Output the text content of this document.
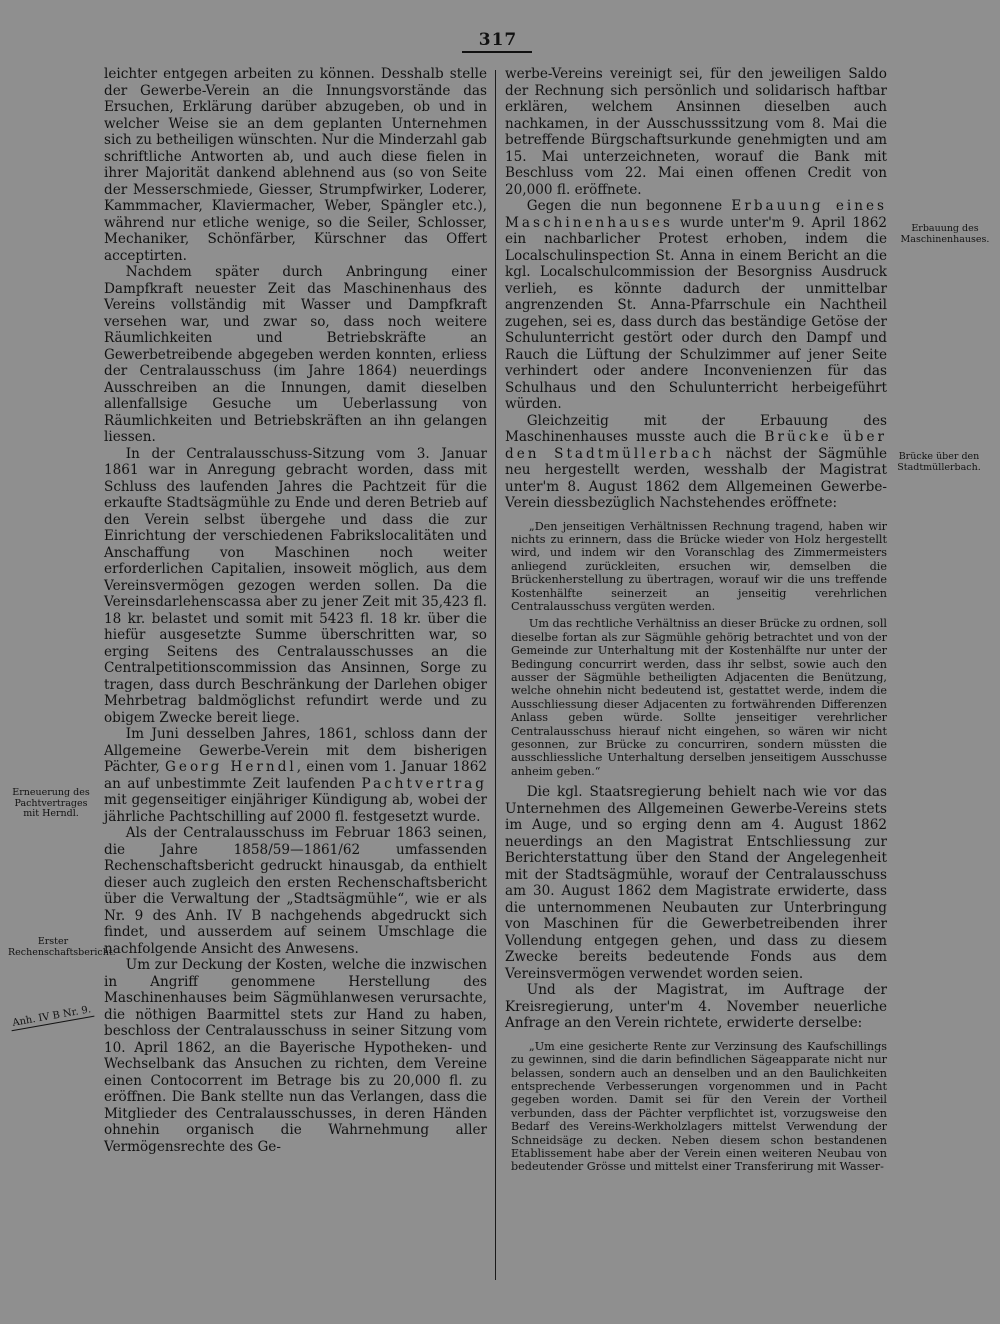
317

leichter entgegen arbeiten zu können. Desshalb stelle der Gewerbe-Verein an die Innungsvorstände das Ersuchen, Erklärung darüber abzugeben, ob und in welcher Weise sie an dem geplanten Unternehmen sich zu betheiligen wünschten. Nur die Minderzahl gab schriftliche Antworten ab, und auch diese fielen in ihrer Majorität dankend ablehnend aus (so von Seite der Messerschmiede, Giesser, Strumpfwirker, Loderer, Kammmacher, Klaviermacher, Weber, Spängler etc.), während nur etliche wenige, so die Seiler, Schlosser, Mechaniker, Schönfärber, Kürschner das Offert acceptirten.

Nachdem später durch Anbringung einer Dampfkraft neuester Zeit das Maschinenhaus des Vereins vollständig mit Wasser und Dampfkraft versehen war, und zwar so, dass noch weitere Räumlichkeiten und Betriebskräfte an Gewerbetreibende abgegeben werden konnten, erliess der Centralausschuss (im Jahre 1864) neuerdings Ausschreiben an die Innungen, damit dieselben allenfallsige Gesuche um Ueberlassung von Räumlichkeiten und Betriebskräften an ihn gelangen liessen.

In der Centralausschuss-Sitzung vom 3. Januar 1861 war in Anregung gebracht worden, dass mit Schluss des laufenden Jahres die Pachtzeit für die erkaufte Stadtsägmühle zu Ende und deren Betrieb auf den Verein selbst übergehe und dass die zur Einrichtung der verschiedenen Fabrikslocalitäten und Anschaffung von Maschinen noch weiter erforderlichen Capitalien, insoweit möglich, aus dem Vereinsvermögen gezogen werden sollen. Da die Vereinsdarlehenscassa aber zu jener Zeit mit 35,423 fl. 18 kr. belastet und somit mit 5423 fl. 18 kr. über die hiefür ausgesetzte Summe überschritten war, so erging Seitens des Centralausschusses an die Centralpetitionscommission das Ansinnen, Sorge zu tragen, dass durch Beschränkung der Darlehen obiger Mehrbetrag baldmöglichst refundirt werde und zu obigem Zwecke bereit liege.

Im Juni desselben Jahres, 1861, schloss dann der Allgemeine Gewerbe-Verein mit dem bisherigen Pächter, Georg Herndl, einen vom 1. Januar 1862 an auf unbestimmte Zeit laufenden Pachtvertrag mit gegenseitiger einjähriger Kündigung ab, wobei der jährliche Pachtschilling auf 2000 fl. festgesetzt wurde.

Als der Centralausschuss im Februar 1863 seinen, die Jahre 1858/59—1861/62 umfassenden Rechenschaftsbericht gedruckt hinausgab, da enthielt dieser auch zugleich den ersten Rechenschaftsbericht über die Verwaltung der „Stadtsägmühle“, wie er als Nr. 9 des Anh. IV B nachgehends abgedruckt sich findet, und ausserdem auf seinem Umschlage die nachfolgende Ansicht des Anwesens.

Um zur Deckung der Kosten, welche die inzwischen in Angriff genommene Herstellung des Maschinenhauses beim Sägmühlanwesen verursachte, die nöthigen Baarmittel stets zur Hand zu haben, beschloss der Centralausschuss in seiner Sitzung vom 10. April 1862, an die Bayerische Hypotheken- und Wechselbank das Ansuchen zu richten, dem Vereine einen Contocorrent im Betrage bis zu 20,000 fl. zu eröffnen. Die Bank stellte nun das Verlangen, dass die Mitglieder des Centralausschusses, in deren Händen ohnehin organisch die Wahrnehmung aller Vermögensrechte des Ge-

werbe-Vereins vereinigt sei, für den jeweiligen Saldo der Rechnung sich persönlich und solidarisch haftbar erklären, welchem Ansinnen dieselben auch nachkamen, in der Ausschusssitzung vom 8. Mai die betreffende Bürgschaftsurkunde genehmigten und am 15. Mai unterzeichneten, worauf die Bank mit Beschluss vom 22. Mai einen offenen Credit von 20,000 fl. eröffnete.

Gegen die nun begonnene Erbauung eines Maschinenhauses wurde unter'm 9. April 1862 ein nachbarlicher Protest erhoben, indem die Localschulinspection St. Anna in einem Bericht an die kgl. Localschulcommission der Besorgniss Ausdruck verlieh, es könnte dadurch der unmittelbar angrenzenden St. Anna-Pfarrschule ein Nachtheil zugehen, sei es, dass durch das beständige Getöse der Schulunterricht gestört oder durch den Dampf und Rauch die Lüftung der Schulzimmer auf jener Seite verhindert oder andere Inconvenienzen für das Schulhaus und den Schulunterricht herbeigeführt würden.

Gleichzeitig mit der Erbauung des Maschinenhauses musste auch die Brücke über den Stadtmüllerbach nächst der Sägmühle neu hergestellt werden, wesshalb der Magistrat unter'm 8. August 1862 dem Allgemeinen Gewerbe-Verein diessbezüglich Nachstehendes eröffnete:

„Den jenseitigen Verhältnissen Rechnung tragend, haben wir nichts zu erinnern, dass die Brücke wieder von Holz hergestellt wird, und indem wir den Voranschlag des Zimmermeisters anliegend zurückleiten, ersuchen wir, demselben die Brückenherstellung zu übertragen, worauf wir die uns treffende Kostenhälfte seinerzeit an jenseitig verehrlichen Centralausschuss vergüten werden.

Um das rechtliche Verhältniss an dieser Brücke zu ordnen, soll dieselbe fortan als zur Sägmühle gehörig betrachtet und von der Gemeinde zur Unterhaltung mit der Kostenhälfte nur unter der Bedingung concurrirt werden, dass ihr selbst, sowie auch den ausser der Sägmühle betheiligten Adjacenten die Benützung, welche ohnehin nicht bedeutend ist, gestattet werde, indem die Ausschliessung dieser Adjacenten zu fortwährenden Differenzen Anlass geben würde. Sollte jenseitiger verehrlicher Centralausschuss hierauf nicht eingehen, so wären wir nicht gesonnen, zur Brücke zu concurriren, sondern müssten die ausschliessliche Unterhaltung derselben jenseitigem Ausschusse anheim geben.“

Die kgl. Staatsregierung behielt nach wie vor das Unternehmen des Allgemeinen Gewerbe-Vereins stets im Auge, und so erging denn am 4. August 1862 neuerdings an den Magistrat Entschliessung zur Berichterstattung über den Stand der Angelegenheit mit der Stadtsägmühle, worauf der Centralausschuss am 30. August 1862 dem Magistrate erwiderte, dass die unternommenen Neubauten zur Unterbringung von Maschinen für die Gewerbetreibenden ihrer Vollendung entgegen gehen, und dass zu diesem Zwecke bereits bedeutende Fonds aus dem Vereinsvermögen verwendet worden seien.

Und als der Magistrat, im Auftrage der Kreisregierung, unter'm 4. November neuerliche Anfrage an den Verein richtete, erwiderte derselbe:

„Um eine gesicherte Rente zur Verzinsung des Kaufschillings zu gewinnen, sind die darin befindlichen Sägeapparate nicht nur belassen, sondern auch an denselben und an den Baulichkeiten entsprechende Verbesserungen vorgenommen und in Pacht gegeben worden. Damit sei für den Verein der Vortheil verbunden, dass der Pächter verpflichtet ist, vorzugsweise den Bedarf des Vereins-Werkholzlagers mittelst Verwendung der Schneidsäge zu decken. Neben diesem schon bestandenen Etablissement habe aber der Verein einen weiteren Neubau von bedeutender Grösse und mittelst einer Transferirung mit Wasser-

Erneuerung des Pachtvertrages mit Herndl.
Erster Rechenschaftsbericht.
Anh. IV B Nr. 9.
Erbauung des Maschinenhauses.
Brücke über den Stadtmüllerbach.
